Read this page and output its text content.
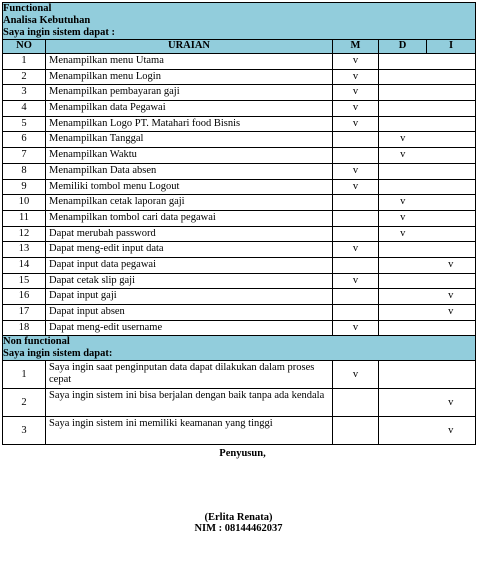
Functional				
Analisa Kebutuhan				
Saya ingin sistem dapat :				
NO	URAIAN	M	D	I
1	Menampilkan menu Utama	v		
2	Menampilkan menu Login	v		
3	Menampilkan pembayaran gaji	v		
4	Menampilkan data Pegawai	v		
5	Menampilkan Logo PT. Matahari food Bisnis	v		
6	Menampilkan Tanggal		v	
7	Menampilkan Waktu		v	
8	Menampilkan Data absen	v		
9	Memiliki tombol menu Logout	v		
10	Menampilkan cetak laporan gaji		v	
11	Menampilkan tombol cari data pegawai		v	
12	Dapat merubah password		v	
13	Dapat meng-edit input data	v		
14	Dapat input data pegawai			v
15	Dapat cetak slip gaji	v		
16	Dapat input gaji			v
17	Dapat input absen			v
18	Dapat meng-edit username	v		
Non functional				
Saya ingin sistem dapat:				
1	Saya ingin saat penginputan data dapat dilakukan dalam proses cepat	v		
2	Saya ingin sistem ini bisa berjalan dengan baik tanpa ada kendala			v
3	Saya ingin sistem ini memiliki keamanan yang tinggi			v
Penyusun,
(Erlita Renata)
NIM : 08144462037
